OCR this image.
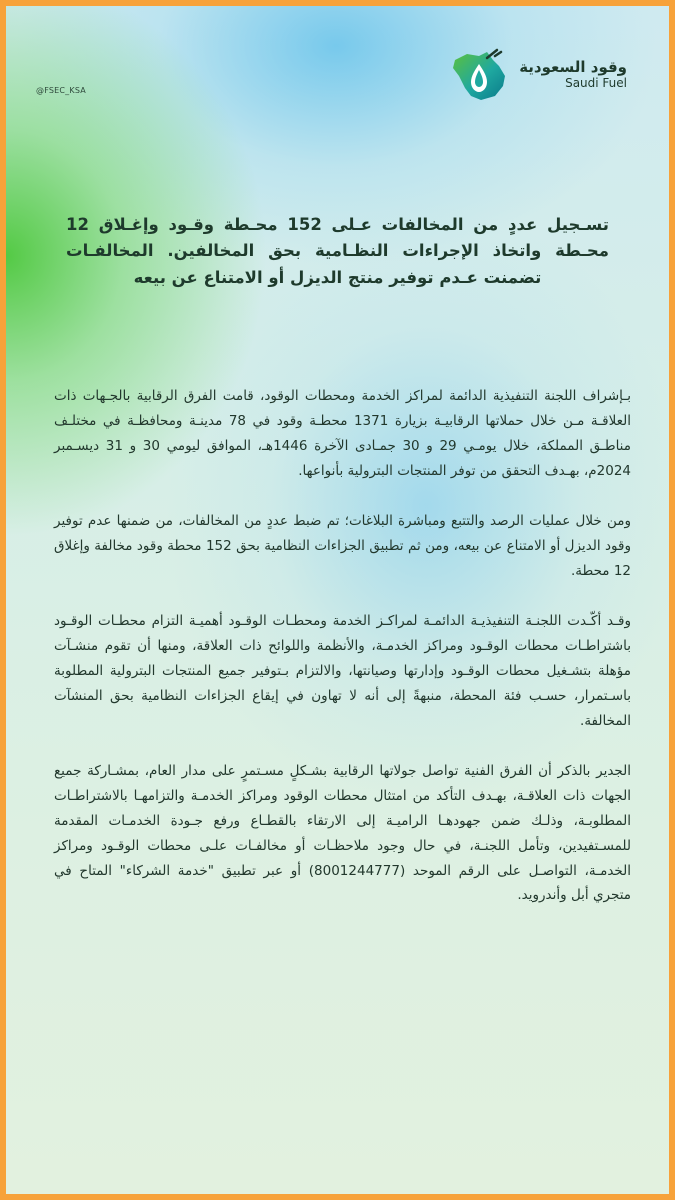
@FSEC_KSA
وقود السعودية
Saudi Fuel
تسـجيل عددٍ من المخالفات عـلى 152 محـطة وقـود وإغـلاق 12 محـطة واتخاذ الإجراءات النظـامية بحق المخالفين. المخالفـات تضمنت عـدم توفير منتج الديزل أو الامتناع عن بيعه

بـإشراف اللجنة التنفيذية الدائمة لمراكز الخدمة ومحطات الوقود، قامت الفرق الرقابية بالجـهات ذات العلاقـة مـن خلال حملاتها الرقابيـة بزيارة 1371 محطـة وقود في 78 مدينـة ومحافظـة في مختلـف مناطـق المملكة، خلال يومـي 29 و 30 جمـادى الآخرة 1446هـ، الموافق ليومي 30 و 31 ديسـمبر 2024م، بهـدف التحقق من توفر المنتجات البترولية بأنواعها.

ومن خلال عمليات الرصد والتتبع ومباشرة البلاغات؛ تم ضبط عددٍ من المخالفات، من ضمنها عدم توفير وقود الديزل أو الامتناع عن بيعه، ومن ثم تطبيق الجزاءات النظامية بحق 152 محطة وقود مخالفة وإغلاق 12 محطة.

وقـد أكّـدت اللجنـة التنفيذيـة الدائمـة لمراكـز الخدمة ومحطـات الوقـود أهميـة التزام محطـات الوقـود باشتراطـات محطات الوقـود ومراكز الخدمـة، والأنظمة واللوائح ذات العلاقة، ومنها أن تقوم منشـآت مؤهلة بتشـغيل محطات الوقـود وإدارتها وصيانتها، والالتزام بـتوفير جميع المنتجات البترولية المطلوبة باسـتمرار، حسـب فئة المحطة، منبهةً إلى أنه لا تهاون في إيقاع الجزاءات النظامية بحق المنشآت المخالفة.

الجدير بالذكر أن الفرق الفنية تواصل جولاتها الرقابية بشـكلٍ مسـتمرٍ على مدار العام، بمشـاركة جميع الجهات ذات العلاقـة، بهـدف التأكد من امتثال محطات الوقود ومراكز الخدمـة والتزامهـا بالاشتراطـات المطلوبـة، وذلـك ضمن جهودهـا الراميـة إلى الارتقاء بالقطـاع ورفع جـودة الخدمـات المقدمة للمسـتفيدين، وتأمل اللجنـة، في حال وجود ملاحظـات أو مخالفـات علـى محطات الوقـود ومراكز الخدمـة، التواصـل على الرقم الموحد (8001244777) أو عبر تطبيق "خدمة الشركاء" المتاح في متجري أبل وأندرويد.
